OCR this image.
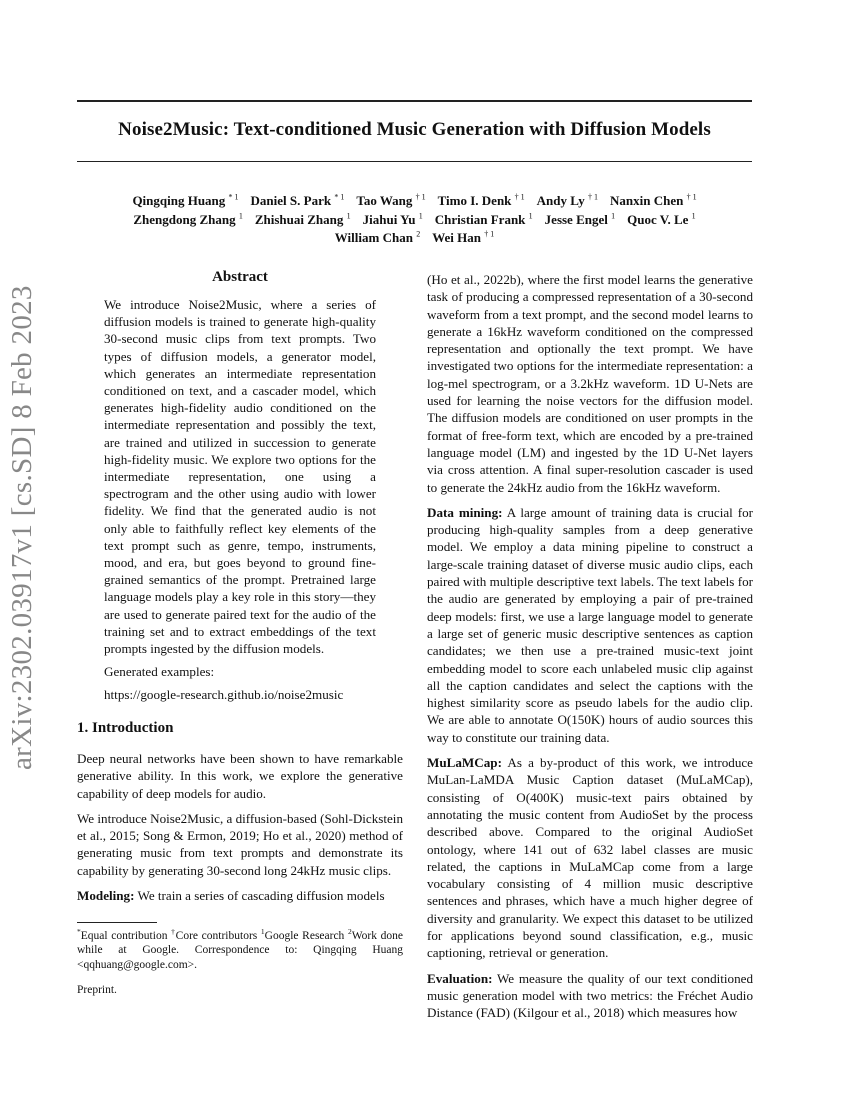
Noise2Music: Text-conditioned Music Generation with Diffusion Models
Qingqing Huang $^{* 1}$ Daniel S. Park $^{* 1}$ Tao Wang $^{\dagger 1}$ Timo I. Denk $^{\dagger 1}$ Andy Ly $^{\dagger 1}$ Nanxin Chen $^{\dagger 1}$
Zhengdong Zhang $^1$ Zhishuai Zhang $^1$ Jiahui Yu $^1$ Christian Frank $^1$ Jesse Engel $^1$ Quoc V. Le $^1$
William Chan $^2$ Wei Han $^{\dagger 1}$
arXiv:2302.03917v1 [cs.SD] 8 Feb 2023
Abstract

We introduce Noise2Music, where a series of diffusion models is trained to generate high-quality 30-second music clips from text prompts. Two types of diffusion models, a generator model, which generates an intermediate representation conditioned on text, and a cascader model, which generates high-fidelity audio conditioned on the intermediate representation and possibly the text, are trained and utilized in succession to generate high-fidelity music. We explore two options for the intermediate representation, one using a spectrogram and the other using audio with lower fidelity. We find that the generated audio is not only able to faithfully reflect key elements of the text prompt such as genre, tempo, instruments, mood, and era, but goes beyond to ground fine-grained semantics of the prompt. Pretrained large language models play a key role in this story—they are used to generate paired text for the audio of the training set and to extract embeddings of the text prompts ingested by the diffusion models.

Generated examples:

https://google-research.github.io/noise2music

1. Introduction

Deep neural networks have been shown to have remarkable generative ability. In this work, we explore the generative capability of deep models for audio.

We introduce Noise2Music, a diffusion-based (Sohl-Dickstein et al., 2015; Song & Ermon, 2019; Ho et al., 2020) method of generating music from text prompts and demonstrate its capability by generating 30-second long 24kHz music clips.

Modeling: We train a series of cascading diffusion models

*Equal contribution †Core contributors $^1$Google Research $^2$Work done while at Google. Correspondence to: Qingqing Huang <qqhuang@google.com>.
Preprint.

(Ho et al., 2022b), where the first model learns the generative task of producing a compressed representation of a 30-second waveform from a text prompt, and the second model learns to generate a 16kHz waveform conditioned on the compressed representation and optionally the text prompt. We have investigated two options for the intermediate representation: a log-mel spectrogram, or a 3.2kHz waveform. 1D U-Nets are used for learning the noise vectors for the diffusion model. The diffusion models are conditioned on user prompts in the format of free-form text, which are encoded by a pre-trained language model (LM) and ingested by the 1D U-Net layers via cross attention. A final super-resolution cascader is used to generate the 24kHz audio from the 16kHz waveform.

Data mining: A large amount of training data is crucial for producing high-quality samples from a deep generative model. We employ a data mining pipeline to construct a large-scale training dataset of diverse music audio clips, each paired with multiple descriptive text labels. The text labels for the audio are generated by employing a pair of pre-trained deep models: first, we use a large language model to generate a large set of generic music descriptive sentences as caption candidates; we then use a pre-trained music-text joint embedding model to score each unlabeled music clip against all the caption candidates and select the captions with the highest similarity score as pseudo labels for the audio clip. We are able to annotate O(150K) hours of audio sources this way to constitute our training data.

MuLaMCap: As a by-product of this work, we introduce MuLan-LaMDA Music Caption dataset (MuLaMCap), consisting of O(400K) music-text pairs obtained by annotating the music content from AudioSet by the process described above. Compared to the original AudioSet ontology, where 141 out of 632 label classes are music related, the captions in MuLaMCap come from a large vocabulary consisting of 4 million music descriptive sentences and phrases, which have a much higher degree of diversity and granularity. We expect this dataset to be utilized for applications beyond sound classification, e.g., music captioning, retrieval or generation.

Evaluation: We measure the quality of our text conditioned music generation model with two metrics: the Fréchet Audio Distance (FAD) (Kilgour et al., 2018) which measures how
